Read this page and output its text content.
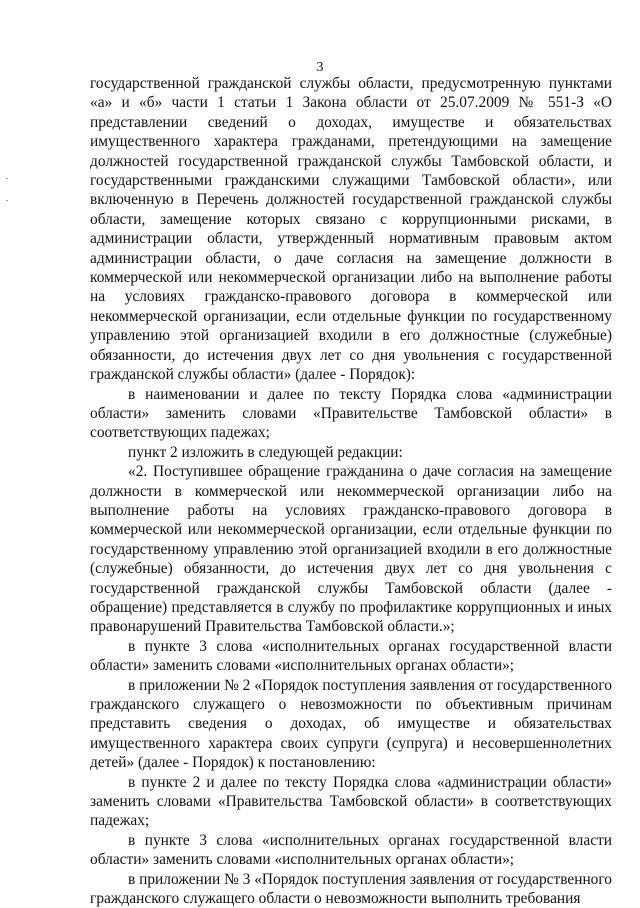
3

государственной гражданской службы области, предусмотренную пунктами «а» и «б» части 1 статьи 1 Закона области от 25.07.2009 № 551-З «О представлении сведений о доходах, имуществе и обязательствах имущественного характера гражданами, претендующими на замещение должностей государственной гражданской службы Тамбовской области, и государственными гражданскими служащими Тамбовской области», или включенную в Перечень должностей государственной гражданской службы области, замещение которых связано с коррупционными рисками, в администрации области, утвержденный нормативным правовым актом администрации области, о даче согласия на замещение должности в коммерческой или некоммерческой организации либо на выполнение работы на условиях гражданско-правового договора в коммерческой или некоммерческой организации, если отдельные функции по государственному управлению этой организацией входили в его должностные (служебные) обязанности, до истечения двух лет со дня увольнения с государственной гражданской службы области» (далее - Порядок):

в наименовании и далее по тексту Порядка слова «администрации области» заменить словами «Правительстве Тамбовской области» в соответствующих падежах;

пункт 2 изложить в следующей редакции:

«2. Поступившее обращение гражданина о даче согласия на замещение должности в коммерческой или некоммерческой организации либо на выполнение работы на условиях гражданско-правового договора в коммерческой или некоммерческой организации, если отдельные функции по государственному управлению этой организацией входили в его должностные (служебные) обязанности, до истечения двух лет со дня увольнения с государственной гражданской службы Тамбовской области (далее - обращение) представляется в службу по профилактике коррупционных и иных правонарушений Правительства Тамбовской области.»;

в пункте 3 слова «исполнительных органах государственной власти области» заменить словами «исполнительных органах области»;

в приложении № 2 «Порядок поступления заявления от государственного гражданского служащего о невозможности по объективным причинам представить сведения о доходах, об имуществе и обязательствах имущественного характера своих супруги (супруга) и несовершеннолетних детей» (далее - Порядок) к постановлению:

в пункте 2 и далее по тексту Порядка слова «администрации области» заменить словами «Правительства Тамбовской области» в соответствующих падежах;

в пункте 3 слова «исполнительных органах государственной власти области» заменить словами «исполнительных органах области»;

в приложении № 3 «Порядок поступления заявления от государственного гражданского служащего области о невозможности выполнить требования
